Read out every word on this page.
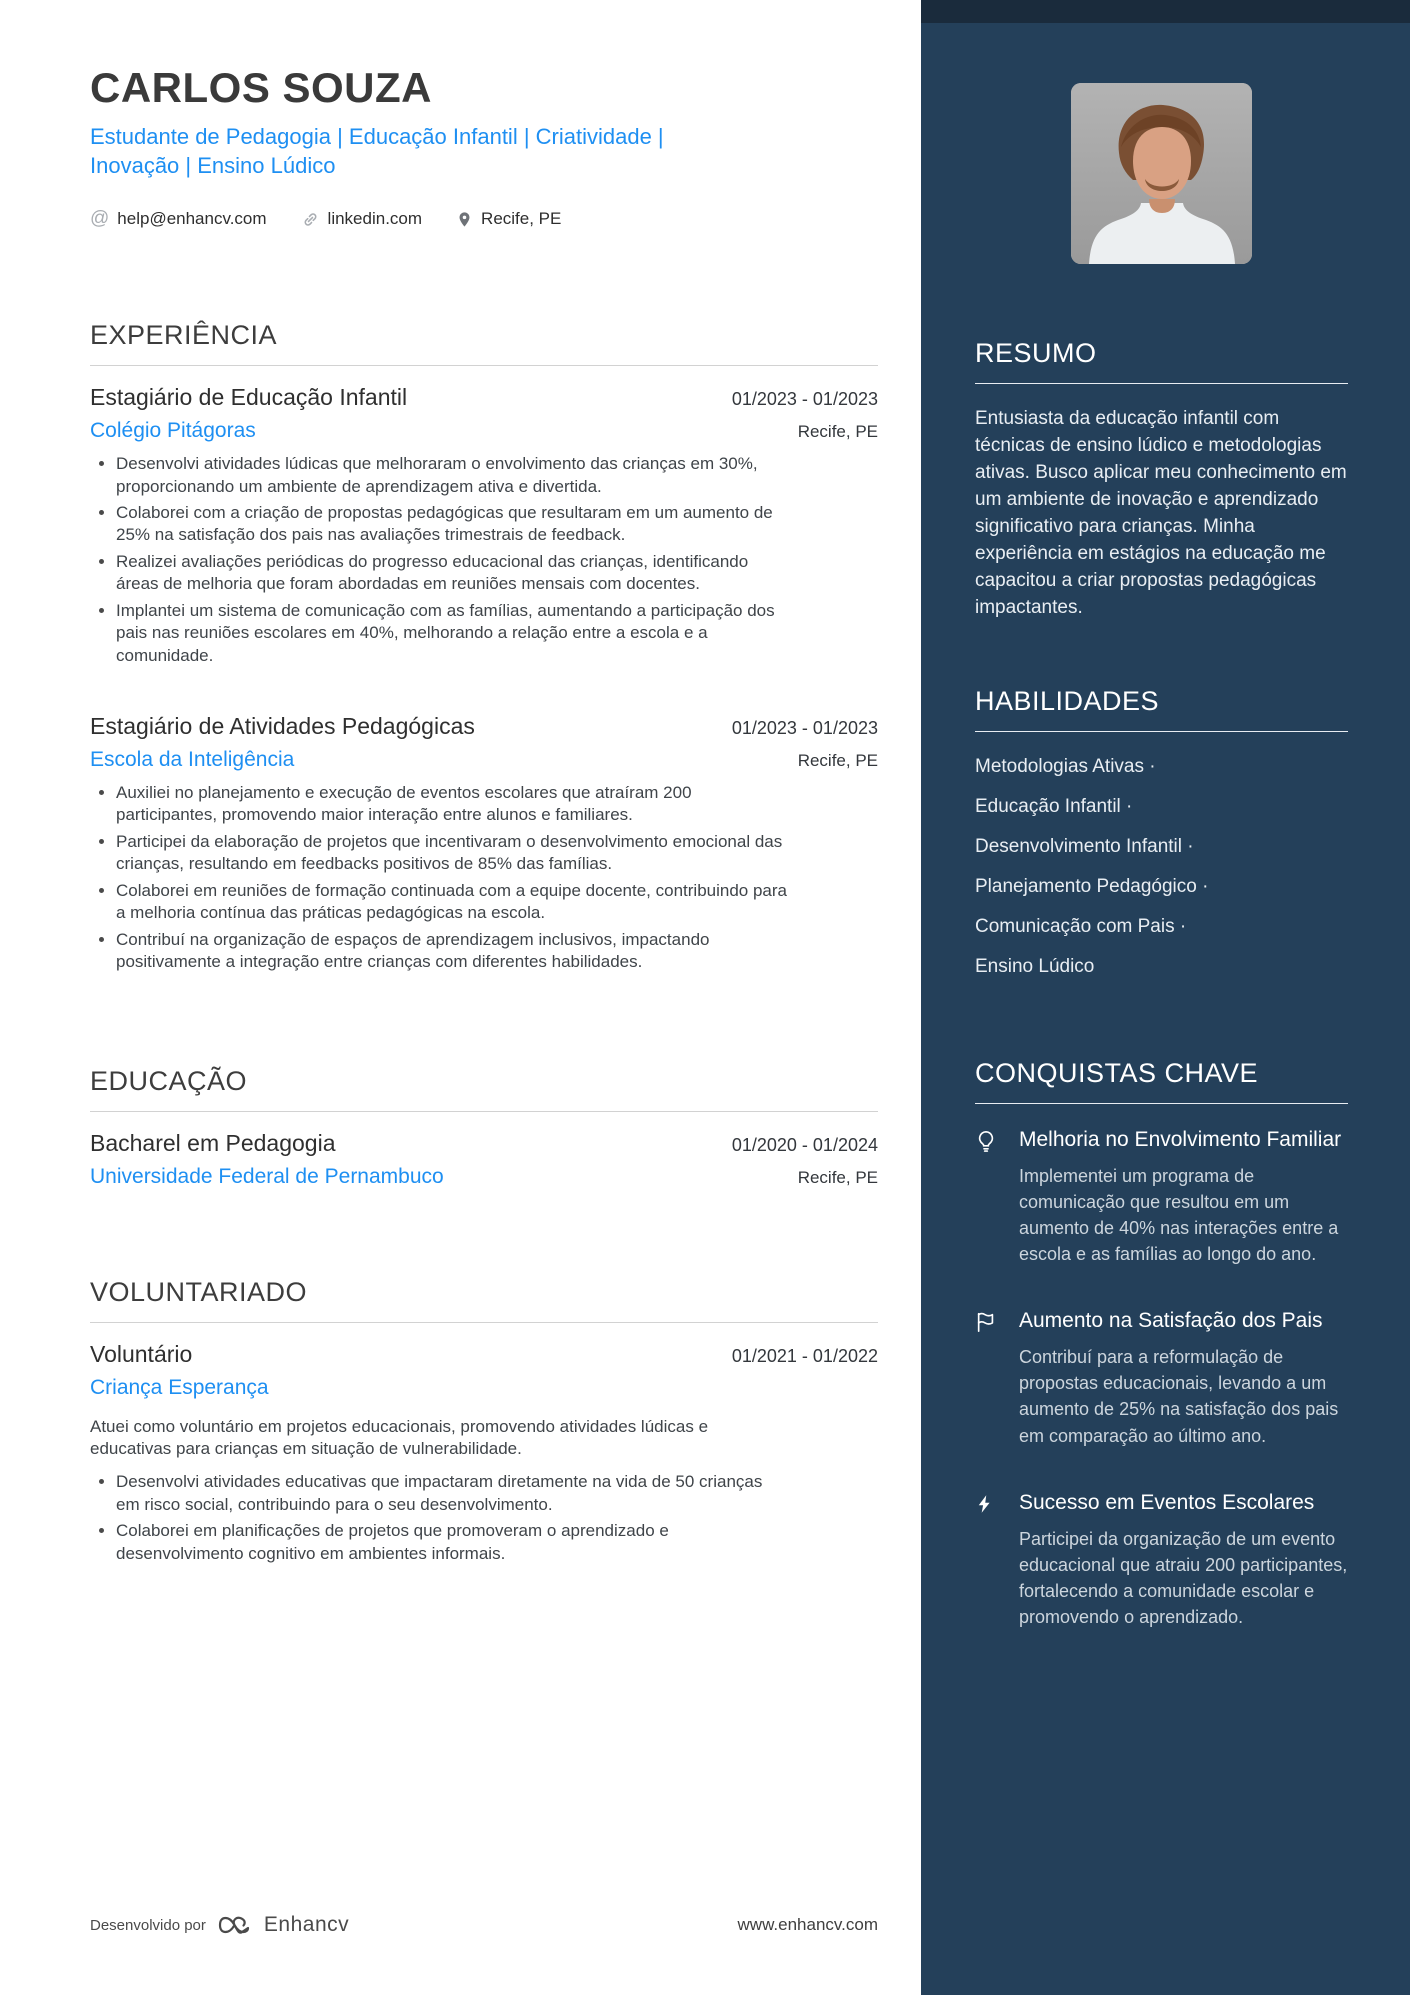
CARLOS SOUZA
Estudante de Pedagogia | Educação Infantil | Criatividade | Inovação | Ensino Lúdico
@ help@enhancv.com	linkedin.com	Recife, PE
EXPERIÊNCIA
Estagiário de Educação Infantil	01/2023 - 01/2023
Colégio Pitágoras	Recife, PE
• Desenvolvi atividades lúdicas que melhoraram o envolvimento das crianças em 30%, proporcionando um ambiente de aprendizagem ativa e divertida.
• Colaborei com a criação de propostas pedagógicas que resultaram em um aumento de 25% na satisfação dos pais nas avaliações trimestrais de feedback.
• Realizei avaliações periódicas do progresso educacional das crianças, identificando áreas de melhoria que foram abordadas em reuniões mensais com docentes.
• Implantei um sistema de comunicação com as famílias, aumentando a participação dos pais nas reuniões escolares em 40%, melhorando a relação entre a escola e a comunidade.
Estagiário de Atividades Pedagógicas	01/2023 - 01/2023
Escola da Inteligência	Recife, PE
• Auxiliei no planejamento e execução de eventos escolares que atraíram 200 participantes, promovendo maior interação entre alunos e familiares.
• Participei da elaboração de projetos que incentivaram o desenvolvimento emocional das crianças, resultando em feedbacks positivos de 85% das famílias.
• Colaborei em reuniões de formação continuada com a equipe docente, contribuindo para a melhoria contínua das práticas pedagógicas na escola.
• Contribuí na organização de espaços de aprendizagem inclusivos, impactando positivamente a integração entre crianças com diferentes habilidades.
EDUCAÇÃO
Bacharel em Pedagogia	01/2020 - 01/2024
Universidade Federal de Pernambuco	Recife, PE
VOLUNTARIADO
Voluntário	01/2021 - 01/2022
Criança Esperança
Atuei como voluntário em projetos educacionais, promovendo atividades lúdicas e educativas para crianças em situação de vulnerabilidade.
• Desenvolvi atividades educativas que impactaram diretamente na vida de 50 crianças em risco social, contribuindo para o seu desenvolvimento.
• Colaborei em planificações de projetos que promoveram o aprendizado e desenvolvimento cognitivo em ambientes informais.
Desenvolvido por	Enhancv	www.enhancv.com
RESUMO
Entusiasta da educação infantil com técnicas de ensino lúdico e metodologias ativas. Busco aplicar meu conhecimento em um ambiente de inovação e aprendizado significativo para crianças. Minha experiência em estágios na educação me capacitou a criar propostas pedagógicas impactantes.
HABILIDADES
Metodologias Ativas ·
Educação Infantil ·
Desenvolvimento Infantil ·
Planejamento Pedagógico ·
Comunicação com Pais ·
Ensino Lúdico
CONQUISTAS CHAVE
Melhoria no Envolvimento Familiar
Implementei um programa de comunicação que resultou em um aumento de 40% nas interações entre a escola e as famílias ao longo do ano.
Aumento na Satisfação dos Pais
Contribuí para a reformulação de propostas educacionais, levando a um aumento de 25% na satisfação dos pais em comparação ao último ano.
Sucesso em Eventos Escolares
Participei da organização de um evento educacional que atraiu 200 participantes, fortalecendo a comunidade escolar e promovendo o aprendizado.
